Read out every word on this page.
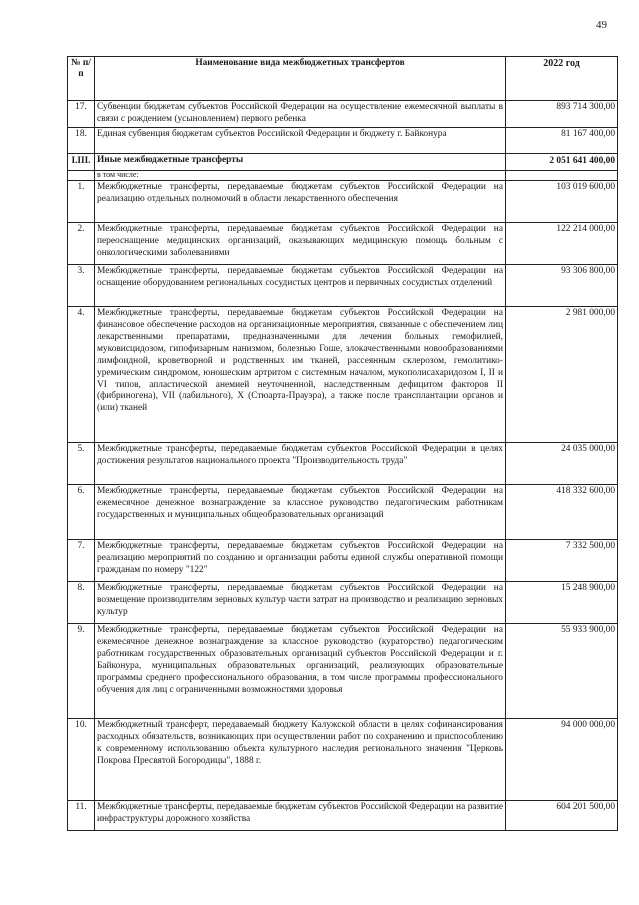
49
№ п/п	Наименование вида межбюджетных трансфертов	2022 год
17.	Субвенции бюджетам субъектов Российской Федерации на осуществление ежемесячной выплаты в связи с рождением (усыновлением) первого ребенка	893 714 300,00
18.	Единая субвенция бюджетам субъектов Российской Федерации и бюджету г. Байконура	81 167 400,00
I.III.	Иные межбюджетные трансферты	2 051 641 400,00
	в том числе:	
1.	Межбюджетные трансферты, передаваемые бюджетам субъектов Российской Федерации на реализацию отдельных полномочий в области лекарственного обеспечения	103 019 600,00
2.	Межбюджетные трансферты, передаваемые бюджетам субъектов Российской Федерации на переоснащение медицинских организаций, оказывающих медицинскую помощь больным с онкологическими заболеваниями	122 214 000,00
3.	Межбюджетные трансферты, передаваемые бюджетам субъектов Российской Федерации на оснащение оборудованием региональных сосудистых центров и первичных сосудистых отделений	93 306 800,00
4.	Межбюджетные трансферты, передаваемые бюджетам субъектов Российской Федерации на финансовое обеспечение расходов на организационные мероприятия, связанные с обеспечением лиц лекарственными препаратами, предназначенными для лечения больных гемофилией, муковисцидозом, гипофизарным нанизмом, болезнью Гоше, злокачественными новообразованиями лимфоидной, кроветворной и родственных им тканей, рассеянным склерозом, гемолитико-уремическим синдромом, юношеским артритом с системным началом, мукополисахаридозом I, II и VI типов, апластической анемией неуточненной, наследственным дефицитом факторов II (фибриногена), VII (лабильного), X (Стюарта-Прауэра), а также после трансплантации органов и (или) тканей	2 981 000,00
5.	Межбюджетные трансферты, передаваемые бюджетам субъектов Российской Федерации в целях достижения результатов национального проекта "Производительность труда"	24 035 000,00
6.	Межбюджетные трансферты, передаваемые бюджетам субъектов Российской Федерации на ежемесячное денежное вознаграждение за классное руководство педагогическим работникам государственных и муниципальных общеобразовательных организаций	418 332 600,00
7.	Межбюджетные трансферты, передаваемые бюджетам субъектов Российской Федерации на реализацию мероприятий по созданию и организации работы единой службы оперативной помощи гражданам по номеру "122"	7 332 500,00
8.	Межбюджетные трансферты, передаваемые бюджетам субъектов Российской Федерации на возмещение производителям зерновых культур части затрат на производство и реализацию зерновых культур	15 248 900,00
9.	Межбюджетные трансферты, передаваемые бюджетам субъектов Российской Федерации на ежемесячное денежное вознаграждение за классное руководство (кураторство) педагогическим работникам государственных образовательных организаций субъектов Российской Федерации и г. Байконура, муниципальных образовательных организаций, реализующих образовательные программы среднего профессионального образования, в том числе программы профессионального обучения для лиц с ограниченными возможностями здоровья	55 933 900,00
10.	Межбюджетный трансферт, передаваемый бюджету Калужской области в целях софинансирования расходных обязательств, возникающих при осуществлении работ по сохранению и приспособлению к современному использованию объекта культурного наследия регионального значения "Церковь Покрова Пресвятой Богородицы", 1888 г.	94 000 000,00
11.	Межбюджетные трансферты, передаваемые бюджетам субъектов Российской Федерации на развитие инфраструктуры дорожного хозяйства	604 201 500,00
